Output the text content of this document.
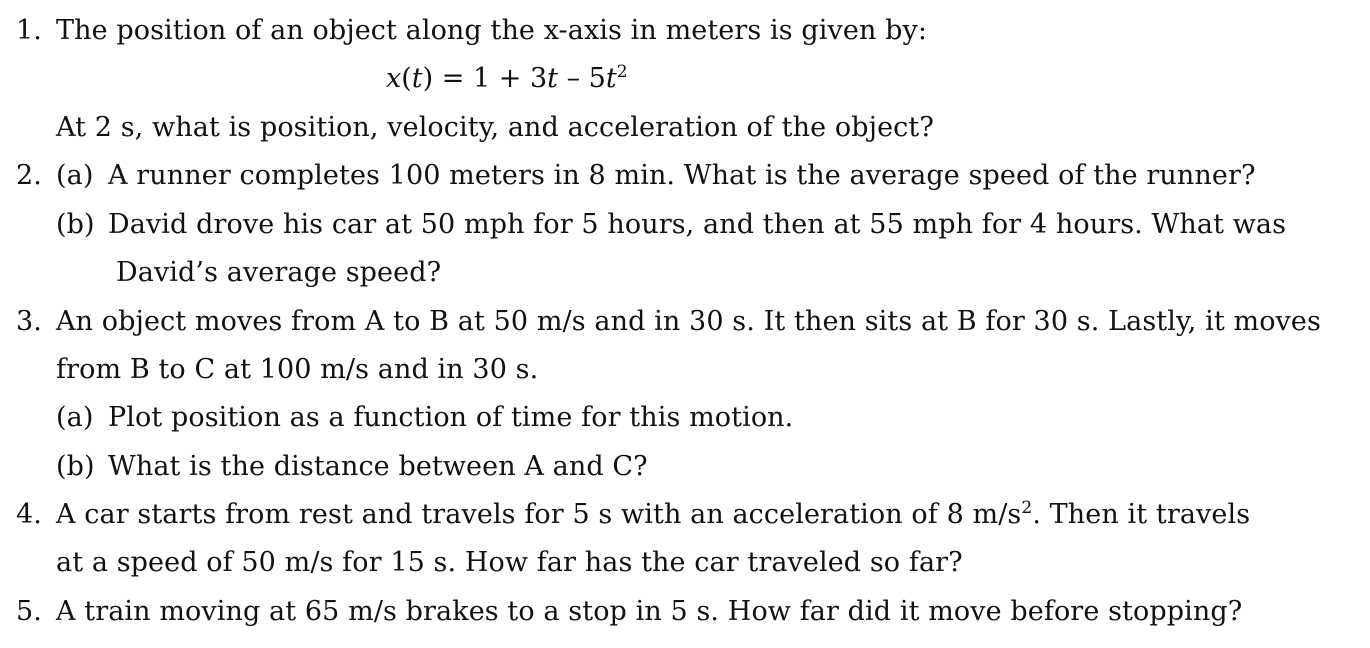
1. The position of an object along the x-axis in meters is given by:
$x(t) = 1 + 3t - 5t^2$
At 2 s, what is position, velocity, and acceleration of the object?
2. (a) A runner completes 100 meters in 8 min. What is the average speed of the runner?
(b) David drove his car at 50 mph for 5 hours, and then at 55 mph for 4 hours. What was
David’s average speed?
3. An object moves from A to B at 50 m/s and in 30 s. It then sits at B for 30 s. Lastly, it moves
from B to C at 100 m/s and in 30 s.
(a) Plot position as a function of time for this motion.
(b) What is the distance between A and C?
4. A car starts from rest and travels for 5 s with an acceleration of 8 $m/s^2$. Then it travels
at a speed of 50 m/s for 15 s. How far has the car traveled so far?
5. A train moving at 65 m/s brakes to a stop in 5 s. How far did it move before stopping?
